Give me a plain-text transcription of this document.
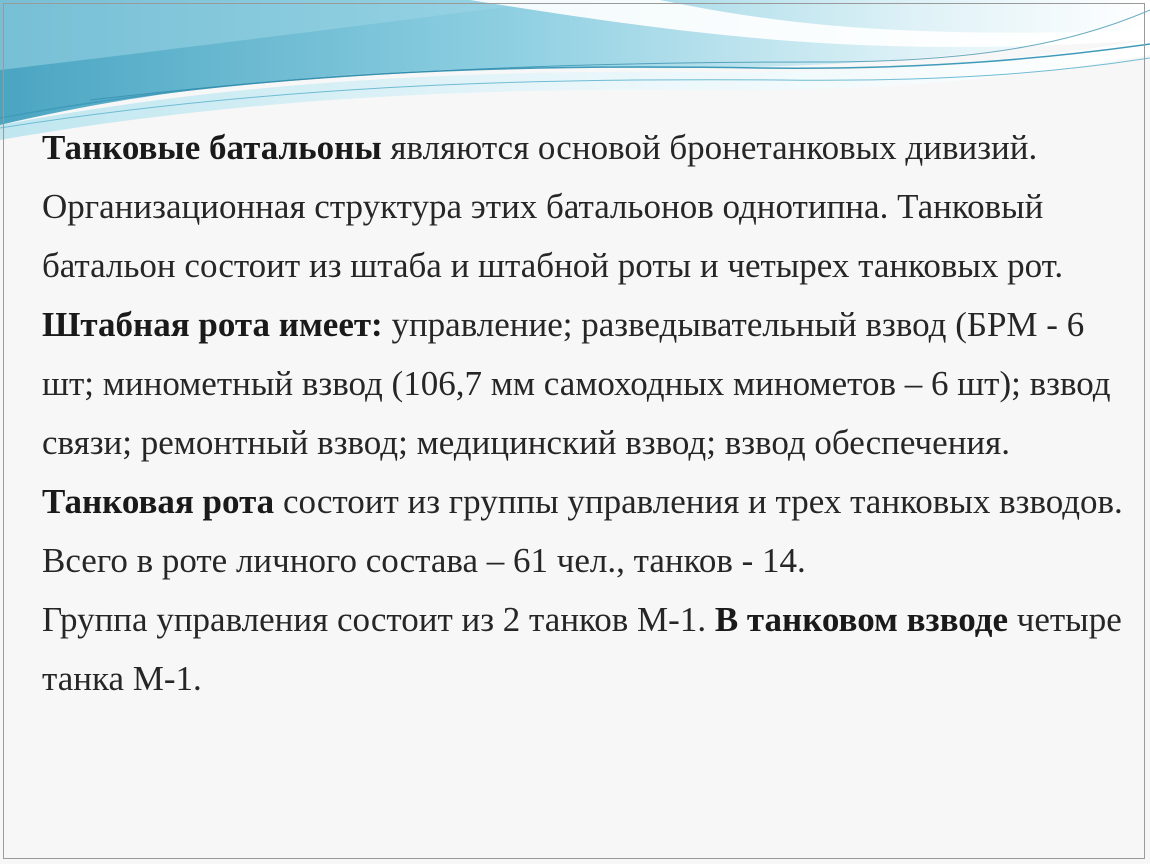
Танковые батальоны являются основой бронетанковых дивизий. Организационная структура этих батальонов однотипна. Танковый батальон состоит из штаба и штабной роты и четырех танковых рот.

Штабная рота имеет: управление; разведывательный взвод (БРМ - 6 шт; минометный взвод (106,7 мм самоходных минометов – 6 шт); взвод связи; ремонтный взвод; медицинский взвод; взвод обеспечения.

Танковая рота состоит из группы управления и трех танковых взводов.

Всего в роте личного состава – 61 чел., танков - 14.

Группа управления состоит из 2 танков М-1. В танковом взводе четыре танка М-1.
